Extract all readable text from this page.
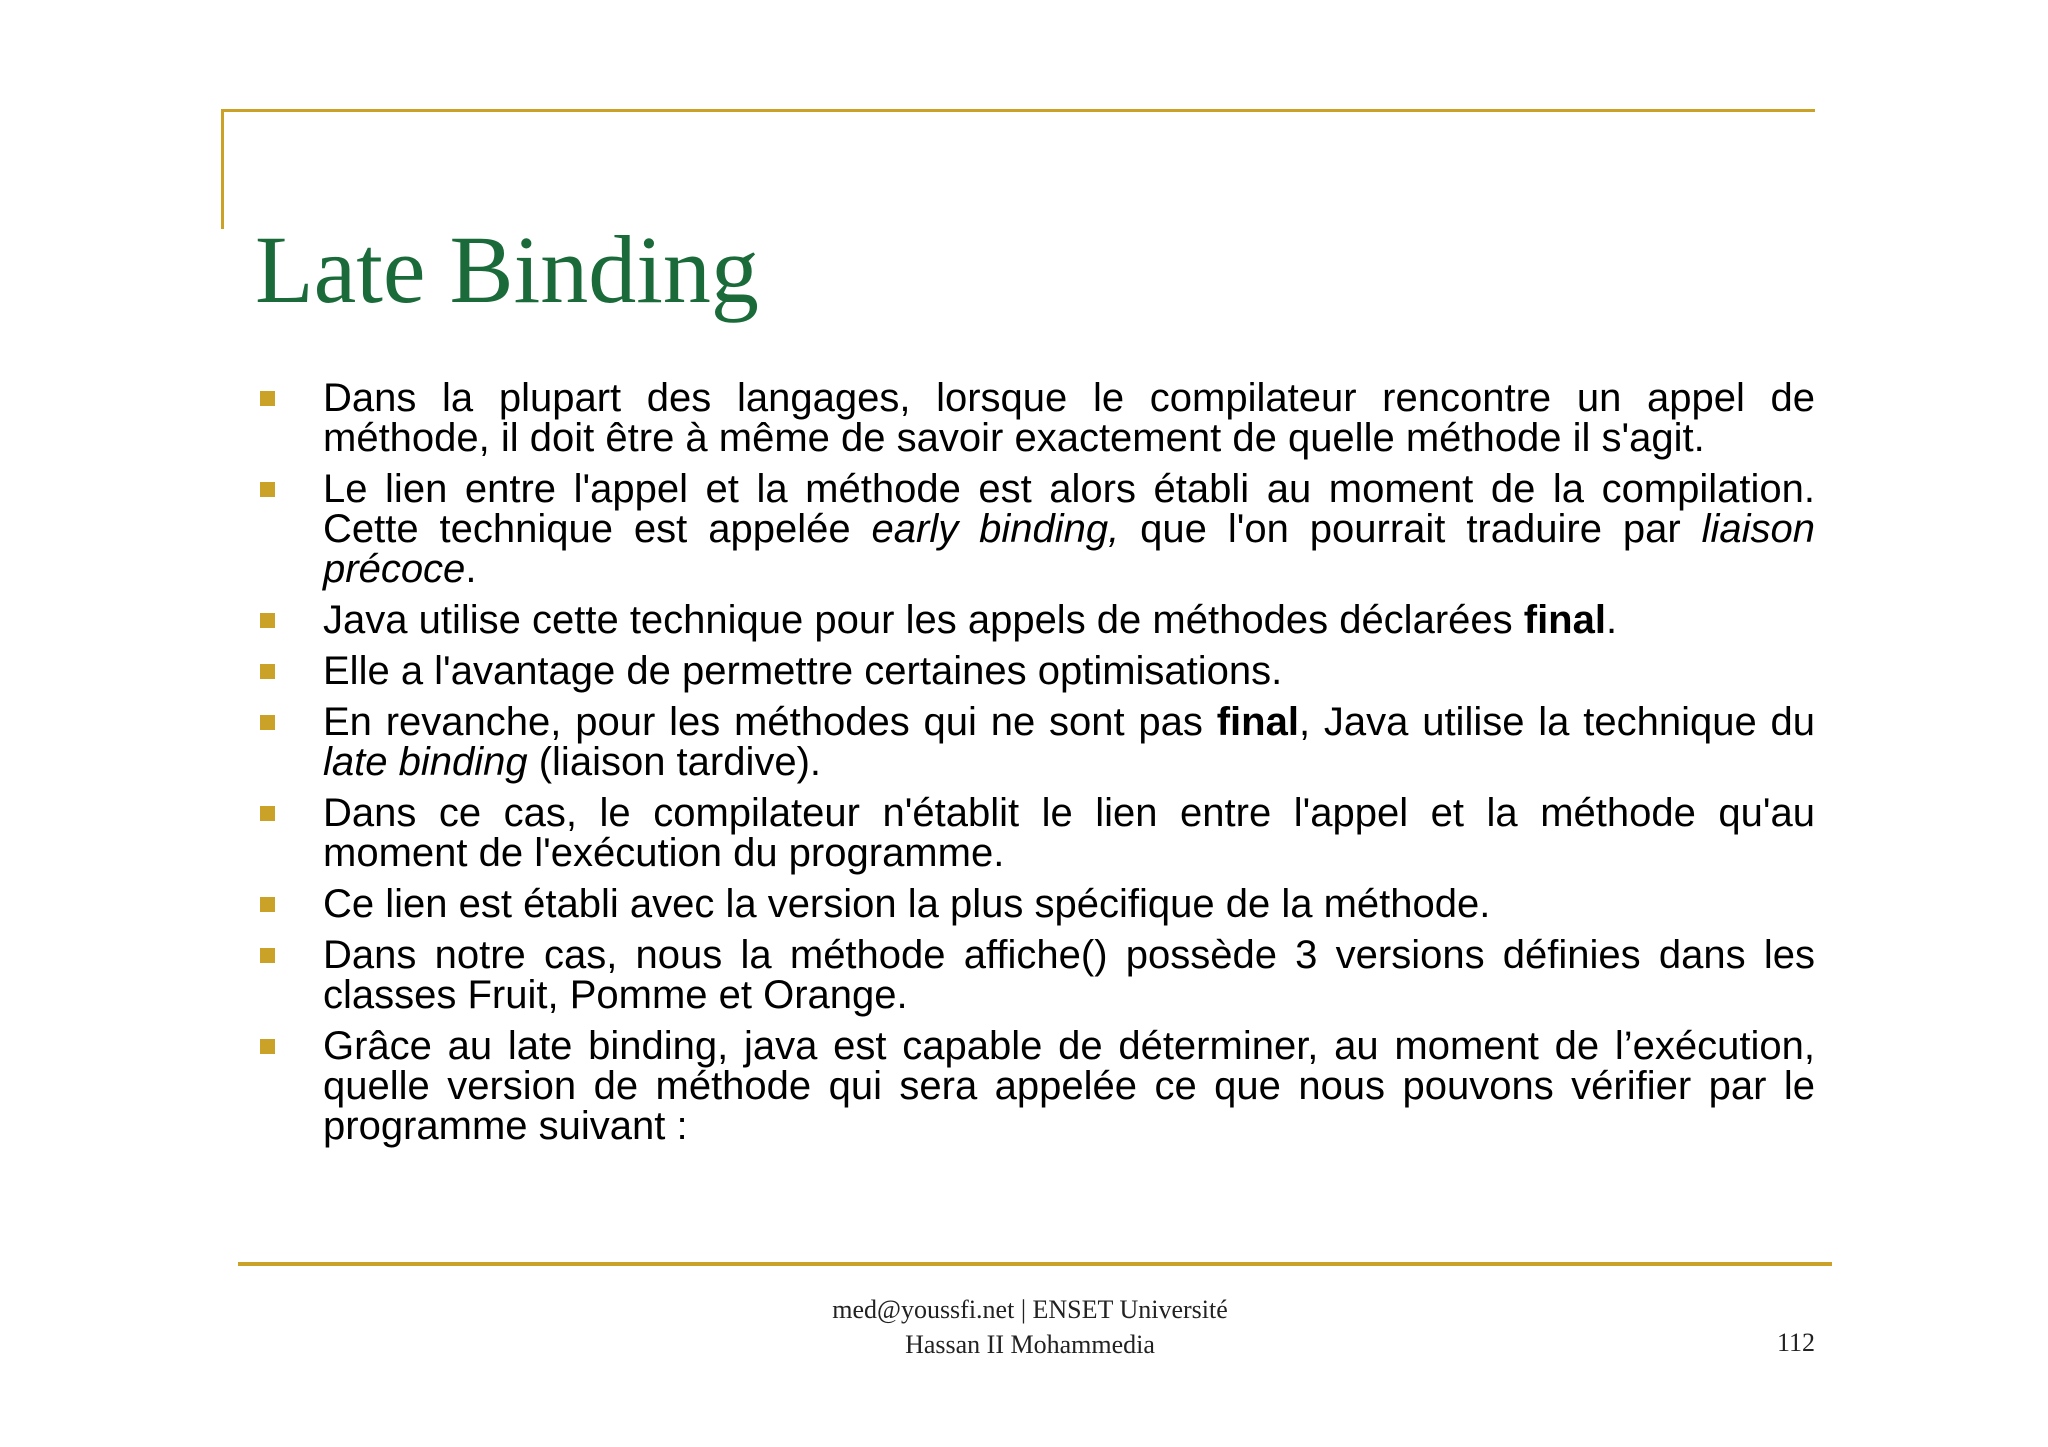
Late Binding
Dans la plupart des langages, lorsque le compilateur rencontre un appel de méthode, il doit être à même de savoir exactement de quelle méthode il s'agit.
Le lien entre l'appel et la méthode est alors établi au moment de la compilation. Cette technique est appelée early binding, que l'on pourrait traduire par liaison précoce.
Java utilise cette technique pour les appels de méthodes déclarées final.
Elle a l'avantage de permettre certaines optimisations.
En revanche, pour les méthodes qui ne sont pas final, Java utilise la technique du late binding (liaison tardive).
Dans ce cas, le compilateur n'établit le lien entre l'appel et la méthode qu'au moment de l'exécution du programme.
Ce lien est établi avec la version la plus spécifique de la méthode.
Dans notre cas, nous la méthode affiche() possède 3 versions définies dans les classes Fruit, Pomme et Orange.
Grâce au late binding, java est capable de déterminer, au moment de l’exécution, quelle version de méthode qui sera appelée ce que nous pouvons vérifier par le programme suivant :
med@youssfi.net | ENSET Université
Hassan II Mohammedia	112
